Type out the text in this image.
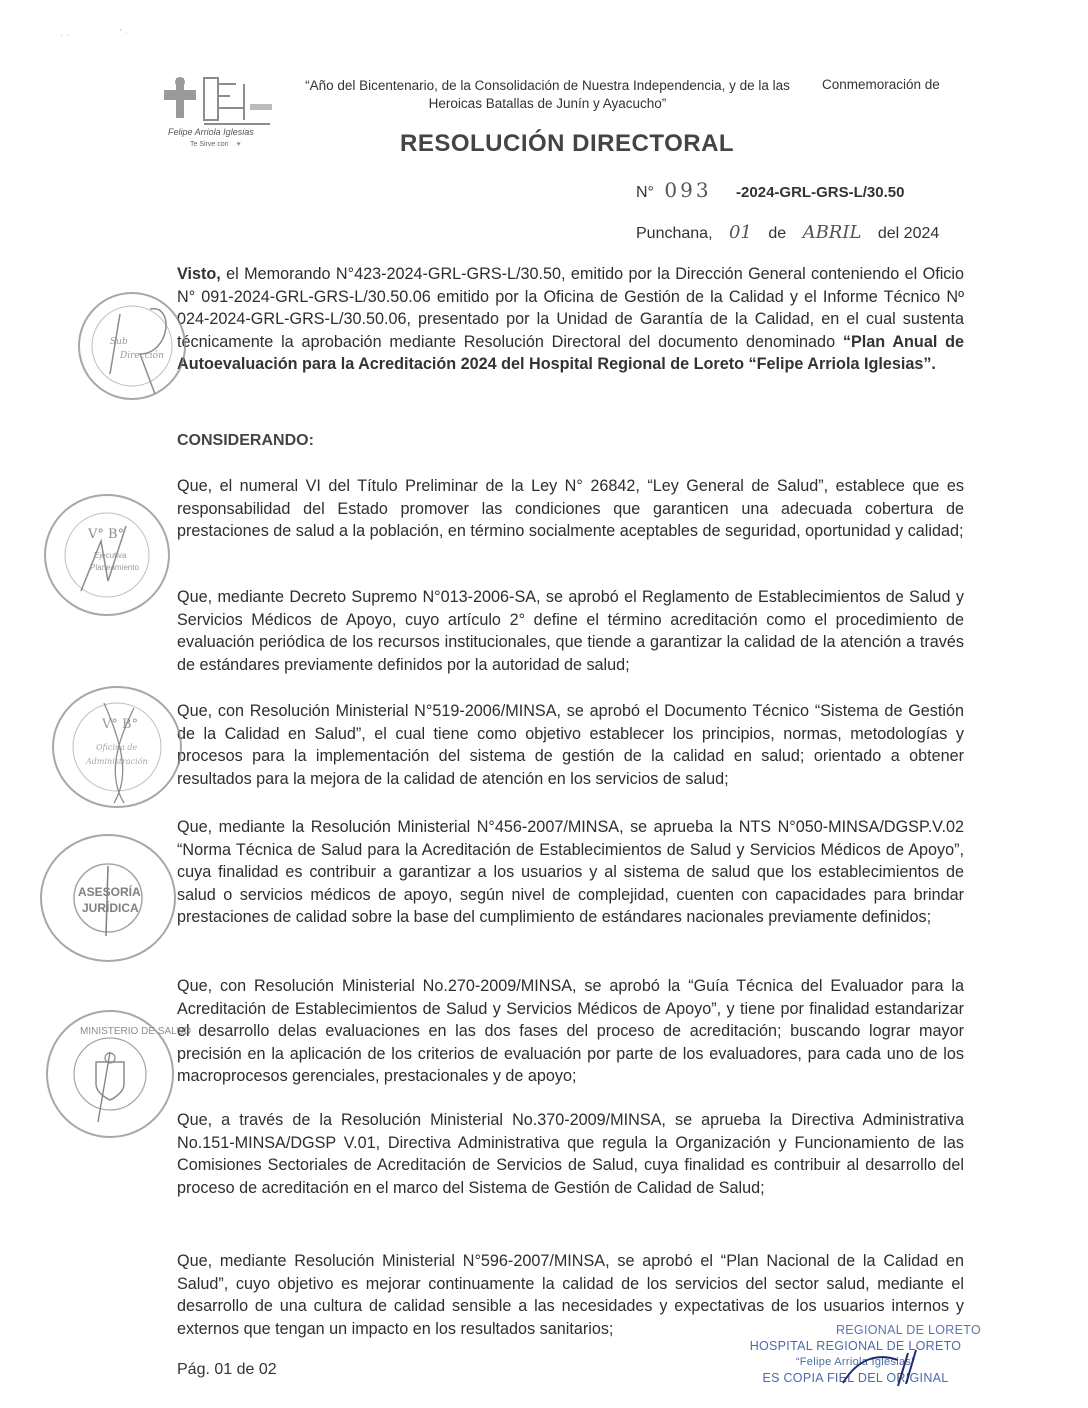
· ·	' ·
Felipe Arriola Iglesias
Te Sirve con ♥
“Año del Bicentenario, de la Consolidación de Nuestra Independencia, y de la las Heroicas Batallas de Junín y Ayacucho”
Conmemoración de
RESOLUCIÓN DIRECTORAL
N° 093 -2024-GRL-GRS-L/30.50
Punchana, 01 de ABRIL del 2024
Visto, el Memorando N°423-2024-GRL-GRS-L/30.50, emitido por la Dirección General conteniendo el Oficio N° 091-2024-GRL-GRS-L/30.50.06 emitido por la Oficina de Gestión de la Calidad y el Informe Técnico Nº 024-2024-GRL-GRS-L/30.50.06, presentado por la Unidad de Garantía de la Calidad, en el cual sustenta técnicamente la aprobación mediante Resolución Directoral del documento denominado “Plan Anual de Autoevaluación para la Acreditación 2024 del Hospital Regional de Loreto “Felipe Arriola Iglesias”.
CONSIDERANDO:
Que, el numeral VI del Título Preliminar de la Ley N° 26842, “Ley General de Salud”, establece que es responsabilidad del Estado promover las condiciones que garanticen una adecuada cobertura de prestaciones de salud a la población, en término socialmente aceptables de seguridad, oportunidad y calidad;
Que, mediante Decreto Supremo N°013-2006-SA, se aprobó el Reglamento de Establecimientos de Salud y Servicios Médicos de Apoyo, cuyo artículo 2° define el término acreditación como el procedimiento de evaluación periódica de los recursos institucionales, que tiende a garantizar la calidad de la atención a través de estándares previamente definidos por la autoridad de salud;
Que, con Resolución Ministerial N°519-2006/MINSA, se aprobó el Documento Técnico “Sistema de Gestión de la Calidad en Salud”, el cual tiene como objetivo establecer los principios, normas, metodologías y procesos para la implementación del sistema de gestión de la calidad en salud; orientado a obtener resultados para la mejora de la calidad de atención en los servicios de salud;
Que, mediante la Resolución Ministerial N°456-2007/MINSA, se aprueba la NTS N°050-MINSA/DGSP.V.02 “Norma Técnica de Salud para la Acreditación de Establecimientos de Salud y Servicios Médicos de Apoyo”, cuya finalidad es contribuir a garantizar a los usuarios y al sistema de salud que los establecimientos de salud o servicios médicos de apoyo, según nivel de complejidad, cuenten con capacidades para brindar prestaciones de calidad sobre la base del cumplimiento de estándares nacionales previamente definidos;
Que, con Resolución Ministerial No.270-2009/MINSA, se aprobó la “Guía Técnica del Evaluador para la Acreditación de Establecimientos de Salud y Servicios Médicos de Apoyo”, y tiene por finalidad estandarizar el desarrollo delas evaluaciones en las dos fases del proceso de acreditación; buscando lograr mayor precisión en la aplicación de los criterios de evaluación por parte de los evaluadores, para cada uno de los macroprocesos gerenciales, prestacionales y de apoyo;
Que, a través de la Resolución Ministerial No.370-2009/MINSA, se aprueba la Directiva Administrativa No.151-MINSA/DGSP V.01, Directiva Administrativa que regula la Organización y Funcionamiento de las Comisiones Sectoriales de Acreditación de Servicios de Salud, cuya finalidad es contribuir al desarrollo del proceso de acreditación en el marco del Sistema de Gestión de Calidad de Salud;
Que, mediante Resolución Ministerial N°596-2007/MINSA, se aprobó el “Plan Nacional de la Calidad en Salud”, cuyo objetivo es mejorar continuamente la calidad de los servicios del sector salud, mediante el desarrollo de una cultura de calidad sensible a las necesidades y expectativas de los usuarios internos y externos que tengan un impacto en los resultados sanitarios;
Sub
Dirección
V° B°
Ejecutiva
Planeamiento
V° B°
Oficina de
Administración
ASESORÍA
JURÍDICA
MINISTERIO DE SALUD
Pág. 01 de 02
REGIONAL DE LORETO
HOSPITAL REGIONAL DE LORETO
“Felipe Arriola Iglesias”
ES COPIA FIEL DEL ORIGINAL
